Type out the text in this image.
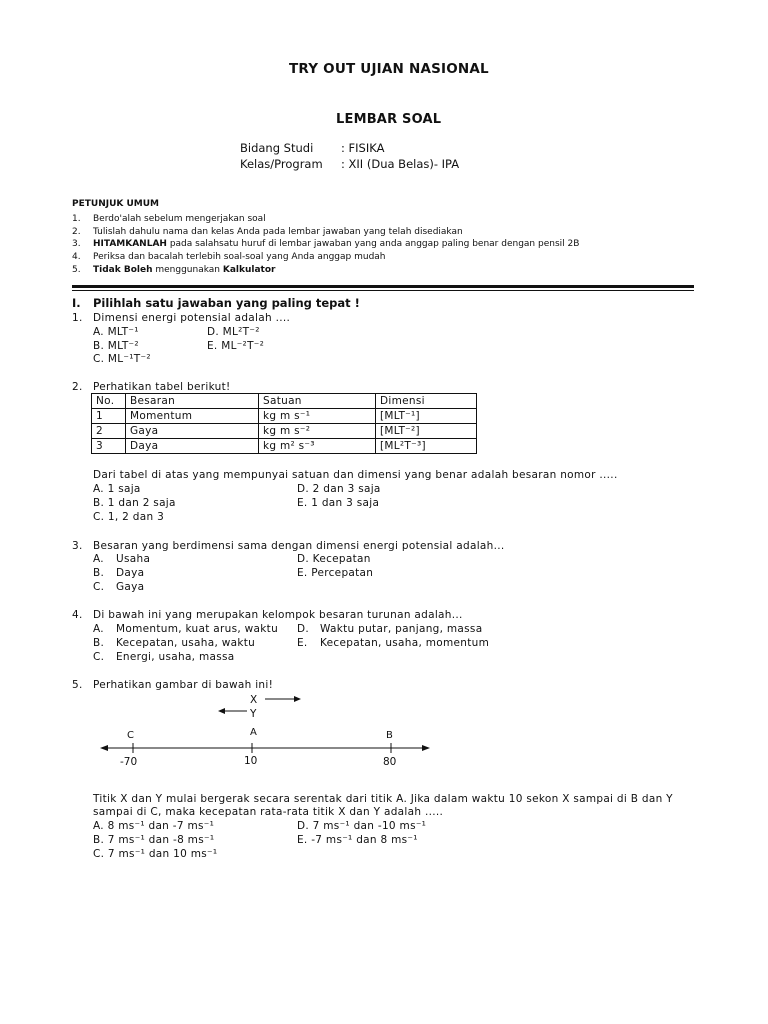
TRY OUT UJIAN NASIONAL
LEMBAR SOAL
Bidang Studi : FISIKA
Kelas/Program : XII (Dua Belas)- IPA
PETUNJUK UMUM
1. Berdo'alah sebelum mengerjakan soal
2. Tulislah dahulu nama dan kelas Anda pada lembar jawaban yang telah disediakan
3. HITAMKANLAH pada salahsatu huruf di lembar jawaban yang anda anggap paling benar dengan pensil 2B
4. Periksa dan bacalah terlebih soal-soal yang Anda anggap mudah
5. Tidak Boleh menggunakan Kalkulator
I. Pilihlah satu jawaban yang paling tepat !
1. Dimensi energi potensial adalah ....
A. MLT⁻¹	D. ML²T⁻²
B. MLT⁻²	E. ML⁻²T⁻²
C. ML⁻¹T⁻²
2. Perhatikan tabel berikut!
No.	Besaran	Satuan	Dimensi
1	Momentum	kg m s⁻¹	[MLT⁻¹]
2	Gaya	kg m s⁻²	[MLT⁻²]
3	Daya	kg m² s⁻³	[ML²T⁻³]
Dari tabel di atas yang mempunyai satuan dan dimensi yang benar adalah besaran nomor .....
A. 1 saja	D. 2 dan 3 saja
B. 1 dan 2 saja	E. 1 dan 3 saja
C. 1, 2 dan 3
3. Besaran yang berdimensi sama dengan dimensi energi potensial adalah...
A. Usaha	D. Kecepatan
B. Daya	E. Percepatan
C. Gaya
4. Di bawah ini yang merupakan kelompok besaran turunan adalah...
A. Momentum, kuat arus, waktu D. Waktu putar, panjang, massa
B. Kecepatan, usaha, waktu	E. Kecepatan, usaha, momentum
C. Energi, usaha, massa
5. Perhatikan gambar di bawah ini!
X
Y
C	A	B
-70	10	80
Titik X dan Y mulai bergerak secara serentak dari titik A. Jika dalam waktu 10 sekon X sampai di B dan Y
sampai di C, maka kecepatan rata-rata titik X dan Y adalah .....
A. 8 ms⁻¹ dan -7 ms⁻¹	D. 7 ms⁻¹ dan -10 ms⁻¹
B. 7 ms⁻¹ dan -8 ms⁻¹	E. -7 ms⁻¹ dan 8 ms⁻¹
C. 7 ms⁻¹ dan 10 ms⁻¹
